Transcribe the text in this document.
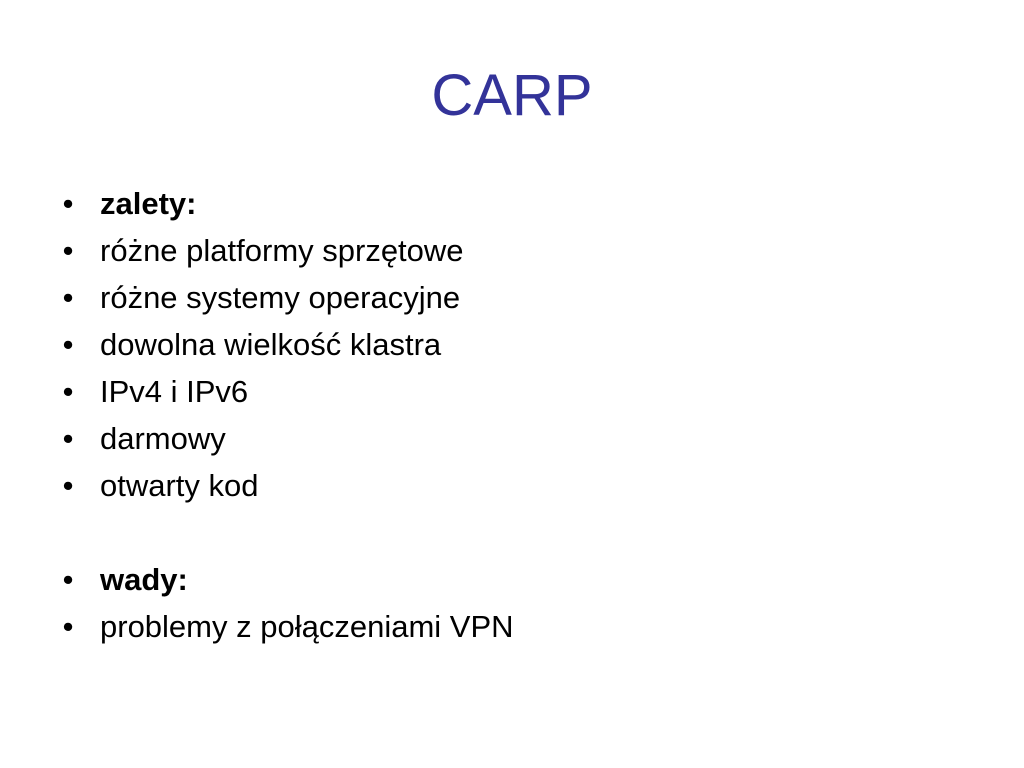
CARP
• zalety:
• różne platformy sprzętowe
• różne systemy operacyjne
• dowolna wielkość klastra
• IPv4 i IPv6
• darmowy
• otwarty kod
• wady:
• problemy z połączeniami VPN
